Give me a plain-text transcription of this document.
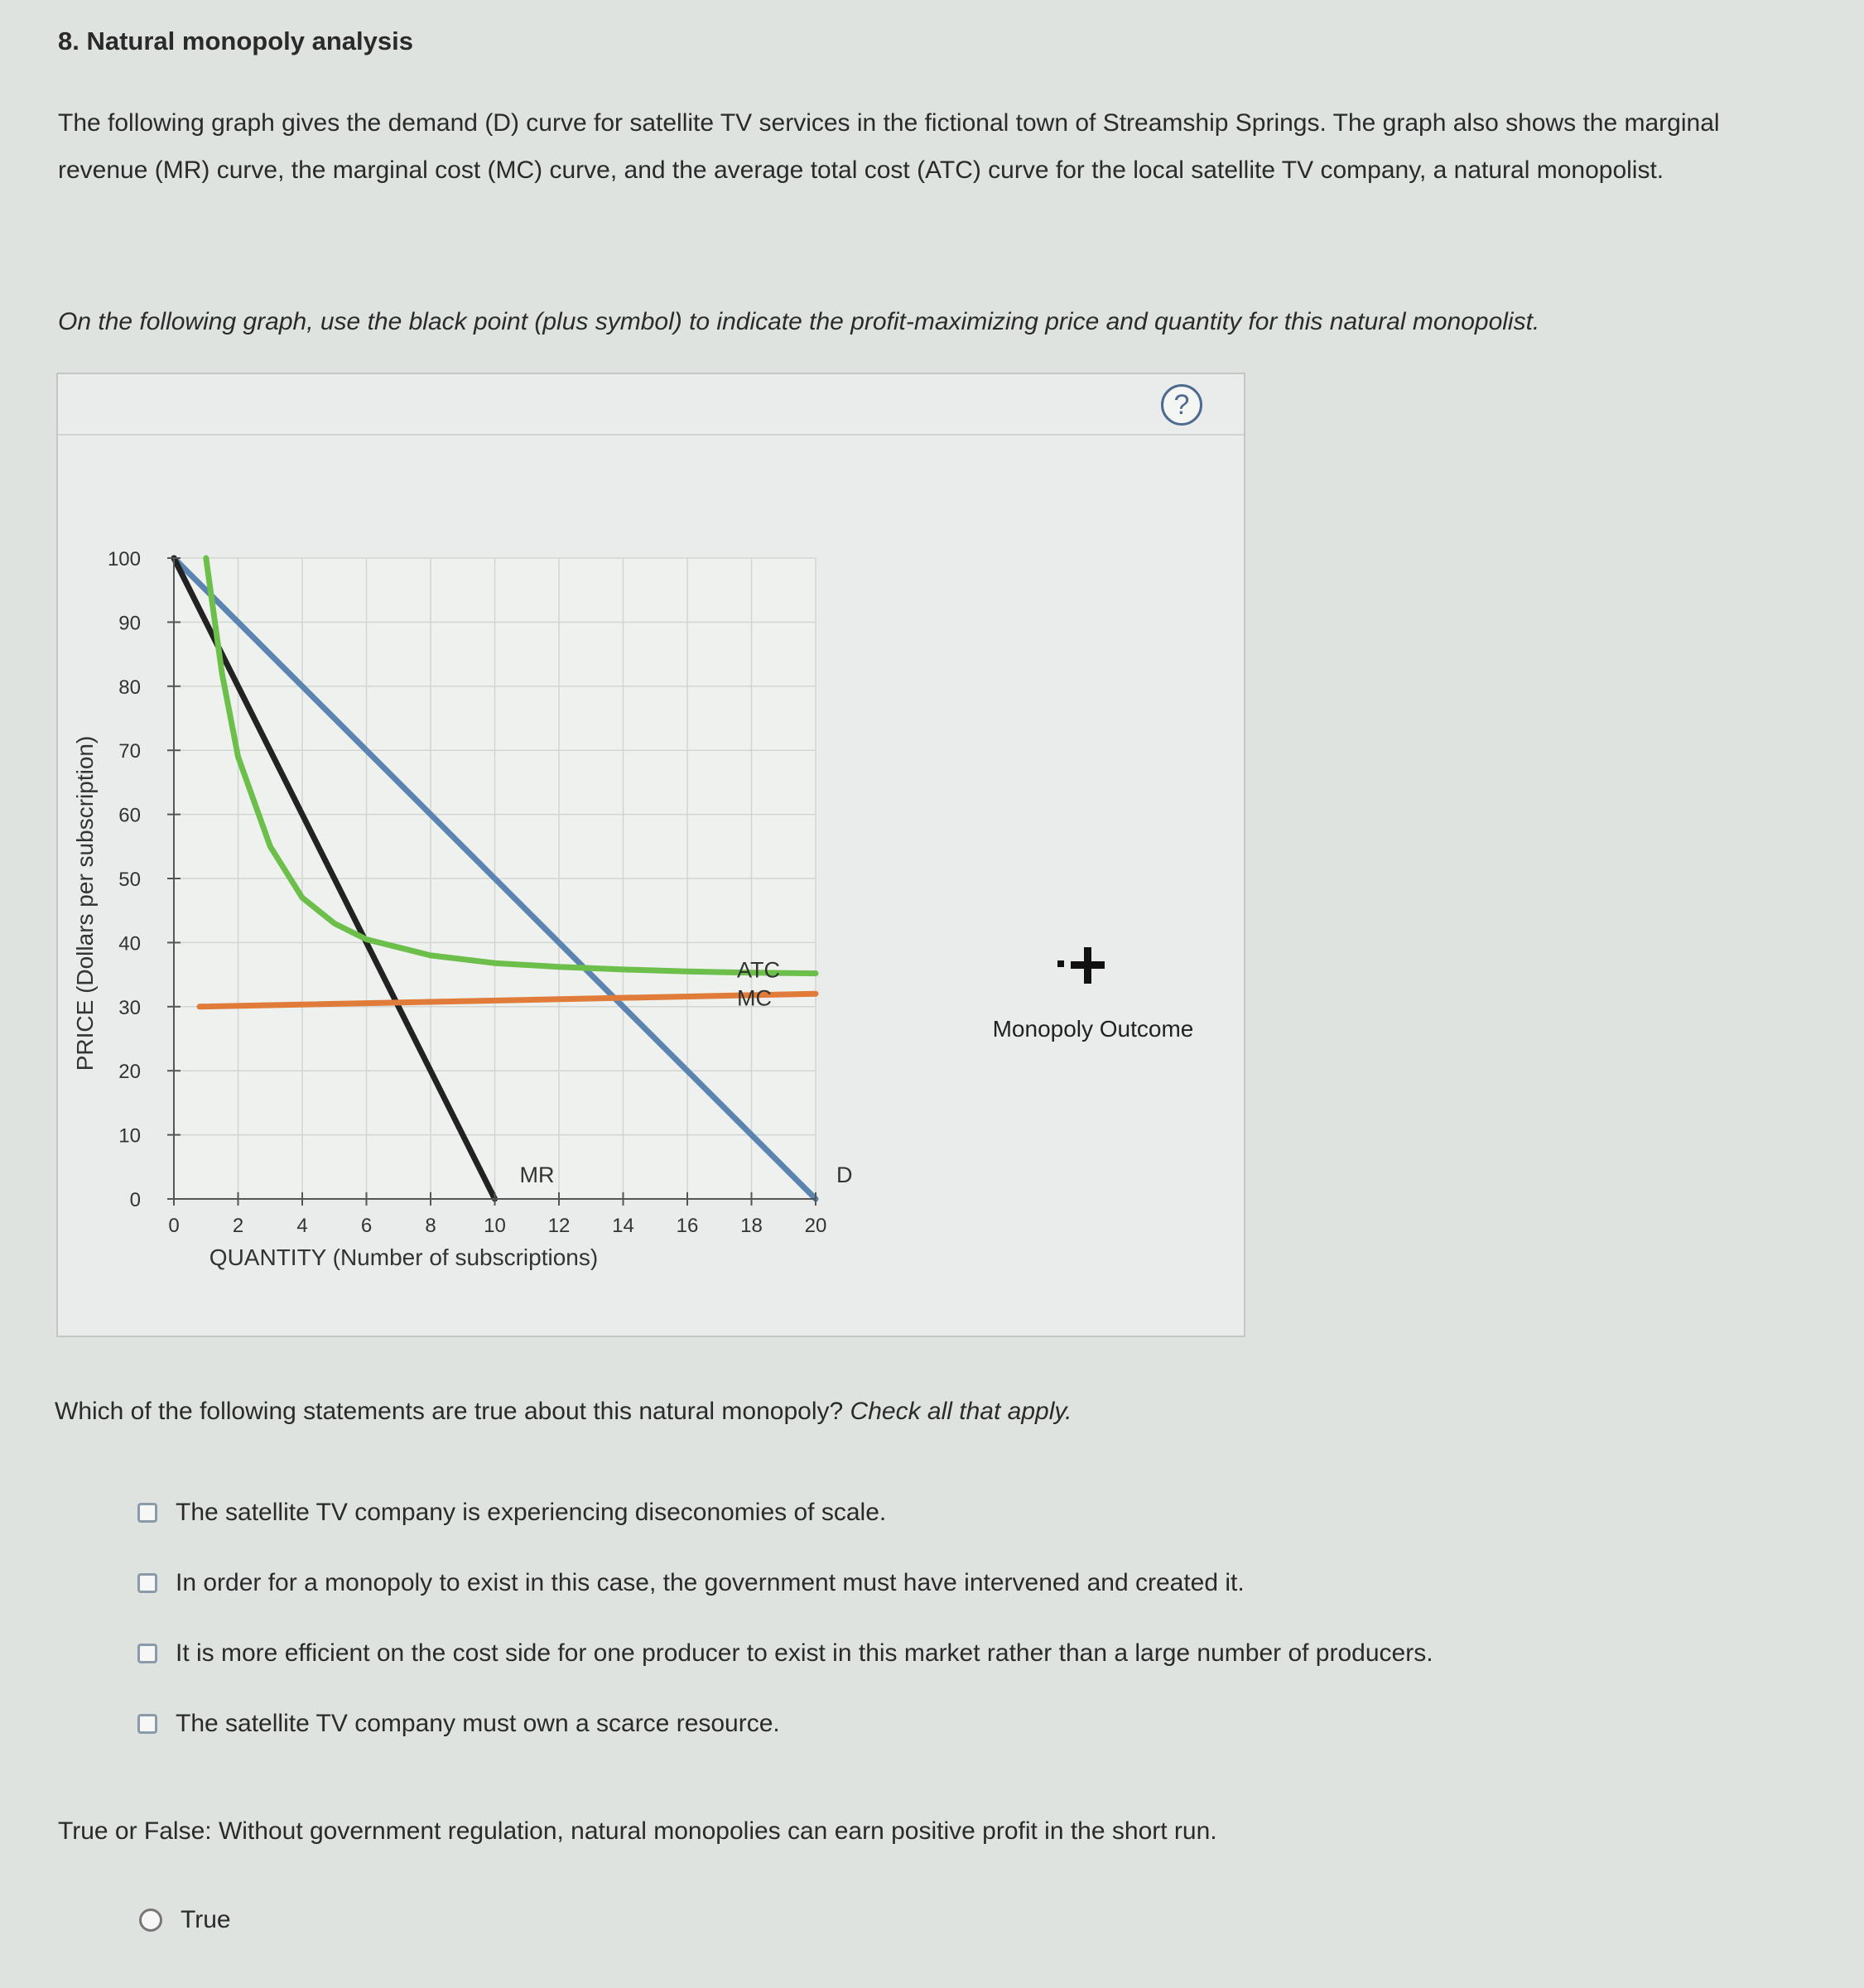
8. Natural monopoly analysis
The following graph gives the demand (D) curve for satellite TV services in the fictional town of Streamship Springs. The graph also shows the marginal revenue (MR) curve, the marginal cost (MC) curve, and the average total cost (ATC) curve for the local satellite TV company, a natural monopolist.
On the following graph, use the black point (plus symbol) to indicate the profit-maximizing price and quantity for this natural monopolist.
?
0	2	4	6	8 10 12 14 16 18 20
0
10
20
30
40
50
60
70
80
90
100
QUANTITY (Number of subscriptions)
PRICE (Dollars per subscription)
MR	D
ATC
MC
Monopoly Outcome
Which of the following statements are true about this natural monopoly? Check all that apply.
The satellite TV company is experiencing diseconomies of scale.
In order for a monopoly to exist in this case, the government must have intervened and created it.
It is more efficient on the cost side for one producer to exist in this market rather than a large number of producers.
The satellite TV company must own a scarce resource.
True or False: Without government regulation, natural monopolies can earn positive profit in the short run.
True
